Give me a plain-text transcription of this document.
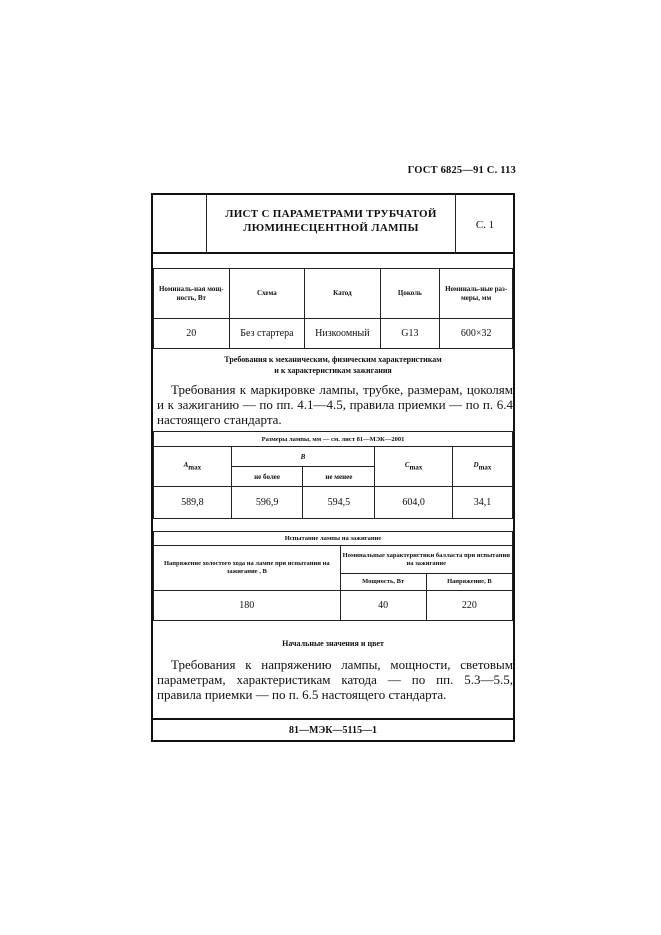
ГОСТ 6825—91 С. 113
ЛИСТ С ПАРАМЕТРАМИ ТРУБЧАТОЙ
ЛЮМИНЕСЦЕНТНОЙ ЛАМПЫ	С. 1
Номиналь-ная мощ-ность, Вт	Схема	Катод	Цоколь	Номиналь-ные раз-меры, мм
20	Без стартера	Низкоомный	G13	600×32
Требования к механическим, физическим характеристикам
и к характеристикам зажигания
Требования к маркировке лампы, трубке, размерам, цоколям и к зажиганию — по пп. 4.1—4.5, правила приемки — по п. 6.4 настоящего стандарта.
Размеры лампы, мм — см. лист 81—МЭК—2001				
$A_{max}$	B		$C_{max}$	$D_{max}$
	не более	не менее		
589,8	596,9	594,5	604,0	34,1
Испытание лампы на зажигание		
Напряжение холостого хода на лампе при испытании на зажигание , В	Номинальные характеристики балласта при испытании на зажигание	
	Мощность, Вт	Напряжение, В
180	40	220
Начальные значения и цвет
Требования к напряжению лампы, мощности, световым параметрам, характеристикам катода — по пп. 5.3—5.5, правила приемки — по п. 6.5 настоящего стандарта.
81—МЭК—5115—1
